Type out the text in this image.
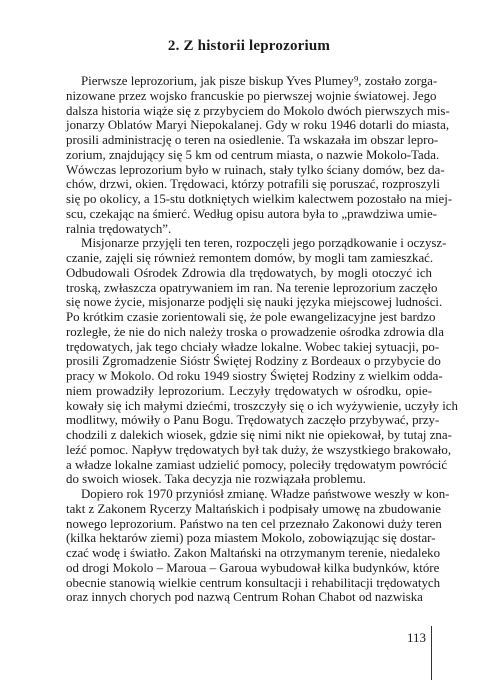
2. Z historii leprozorium
Pierwsze leprozorium, jak pisze biskup Yves Plumey⁹, zostało zorga-
nizowane przez wojsko francuskie po pierwszej wojnie światowej. Jego
dalsza historia wiąże się z przybyciem do Mokolo dwóch pierwszych mis-
jonarzy Oblatów Maryi Niepokalanej. Gdy w roku 1946 dotarli do miasta,
prosili administrację o teren na osiedlenie. Ta wskazała im obszar lepro-
zorium, znajdujący się 5 km od centrum miasta, o nazwie Mokolo-Tada.
Wówczas leprozorium było w ruinach, stały tylko ściany domów, bez da-
chów, drzwi, okien. Trędowaci, którzy potrafili się poruszać, rozproszyli
się po okolicy, a 15-stu dotkniętych wielkim kalectwem pozostało na miej-
scu, czekając na śmierć. Według opisu autora była to „prawdziwa umie-
ralnia trędowatych”.
Misjonarze przyjęli ten teren, rozpoczęli jego porządkowanie i oczysz-
czanie, zajęli się również remontem domów, by mogli tam zamieszkać.
Odbudowali Ośrodek Zdrowia dla trędowatych, by mogli otoczyć ich
troską, zwłaszcza opatrywaniem im ran. Na terenie leprozorium zaczęło
się nowe życie, misjonarze podjęli się nauki języka miejscowej ludności.
Po krótkim czasie zorientowali się, że pole ewangelizacyjne jest bardzo
rozległe, że nie do nich należy troska o prowadzenie ośrodka zdrowia dla
trędowatych, jak tego chciały władze lokalne. Wobec takiej sytuacji, po-
prosili Zgromadzenie Sióstr Świętej Rodziny z Bordeaux o przybycie do
pracy w Mokolo. Od roku 1949 siostry Świętej Rodziny z wielkim odda-
niem prowadziły leprozorium. Leczyły trędowatych w ośrodku, opie-
kowały się ich małymi dziećmi, troszczyły się o ich wyżywienie, uczyły ich
modlitwy, mówiły o Panu Bogu. Trędowatych zaczęło przybywać, przy-
chodzili z dalekich wiosek, gdzie się nimi nikt nie opiekował, by tutaj zna-
leźć pomoc. Napływ trędowatych był tak duży, że wszystkiego brakowało,
a władze lokalne zamiast udzielić pomocy, poleciły trędowatym powrócić
do swoich wiosek. Taka decyzja nie rozwiązała problemu.
Dopiero rok 1970 przyniósł zmianę. Władze państwowe weszły w kon-
takt z Zakonem Rycerzy Maltańskich i podpisały umowę na zbudowanie
nowego leprozorium. Państwo na ten cel przeznało Zakonowi duży teren
(kilka hektarów ziemi) poza miastem Mokolo, zobowiązując się dostar-
czać wodę i światło. Zakon Maltański na otrzymanym terenie, niedaleko
od drogi Mokolo – Maroua – Garoua wybudował kilka budynków, które
obecnie stanowią wielkie centrum konsultacji i rehabilitacji trędowatych
oraz innych chorych pod nazwą Centrum Rohan Chabot od nazwiska
113
